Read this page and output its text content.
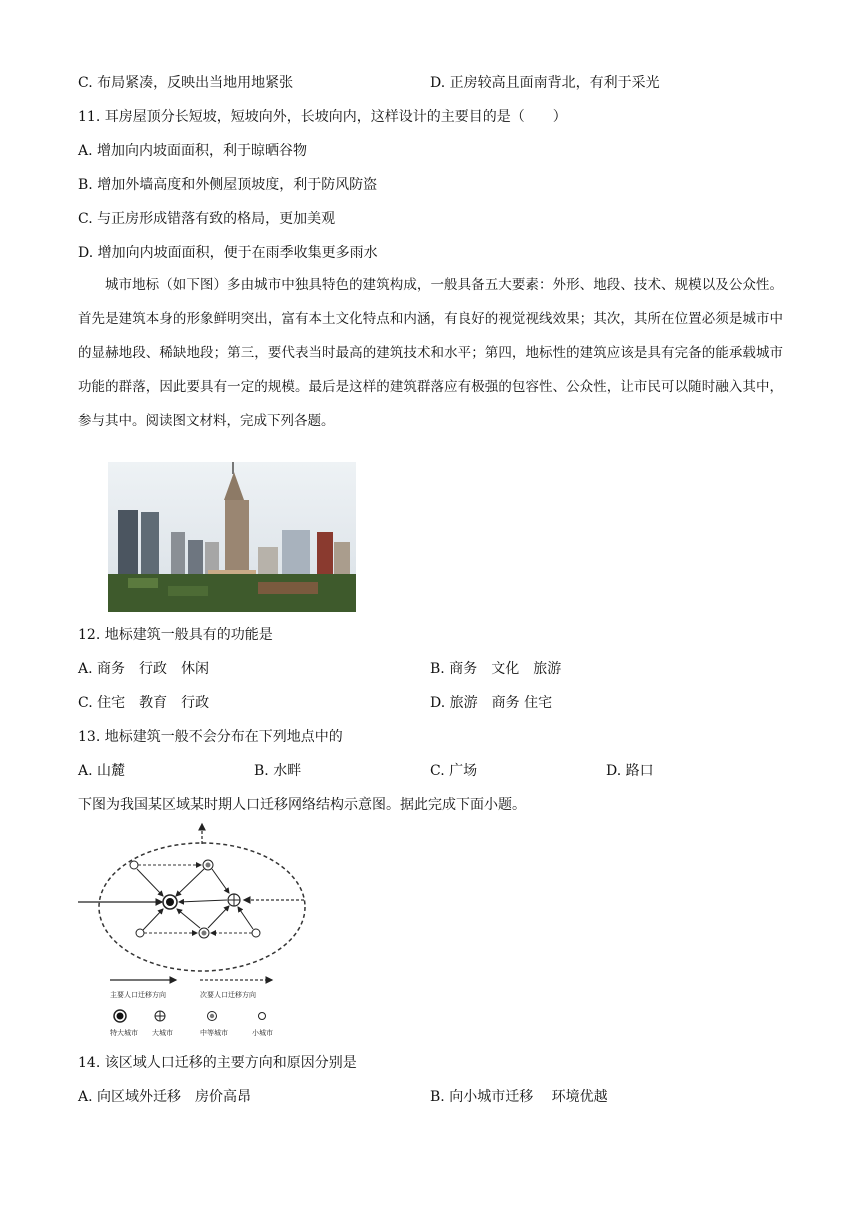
C. 布局紧凑，反映出当地用地紧张	D. 正房较高且面南背北，有利于采光
11. 耳房屋顶分长短坡，短坡向外，长坡向内，这样设计的主要目的是（　　）
A. 增加向内坡面面积，利于晾晒谷物
B. 增加外墙高度和外侧屋顶坡度，利于防风防盗
C. 与正房形成错落有致的格局，更加美观
D. 增加向内坡面面积，便于在雨季收集更多雨水
城市地标（如下图）多由城市中独具特色的建筑构成，一般具备五大要素：外形、地段、技术、规模以及公众性。首先是建筑本身的形象鲜明突出，富有本土文化特点和内涵，有良好的视觉视线效果；其次，其所在位置必须是城市中的显赫地段、稀缺地段；第三，要代表当时最高的建筑技术和水平；第四，地标性的建筑应该是具有完备的能承载城市功能的群落，因此要具有一定的规模。最后是这样的建筑群落应有极强的包容性、公众性，让市民可以随时融入其中，参与其中。阅读图文材料，完成下列各题。
12. 地标建筑一般具有的功能是
A. 商务　行政　休闲	B. 商务　文化　旅游
C. 住宅　教育　行政	D. 旅游　商务 住宅
13. 地标建筑一般不会分布在下列地点中的
A. 山麓	B. 水畔	C. 广场	D. 路口
下图为我国某区域某时期人口迁移网络结构示意图。据此完成下面小题。
主要人口迁移方向	次要人口迁移方向
特大城市 大城市	中等城市	小城市
14. 该区域人口迁移的主要方向和原因分别是
A. 向区域外迁移　房价高昂	B. 向小城市迁移　 环境优越
